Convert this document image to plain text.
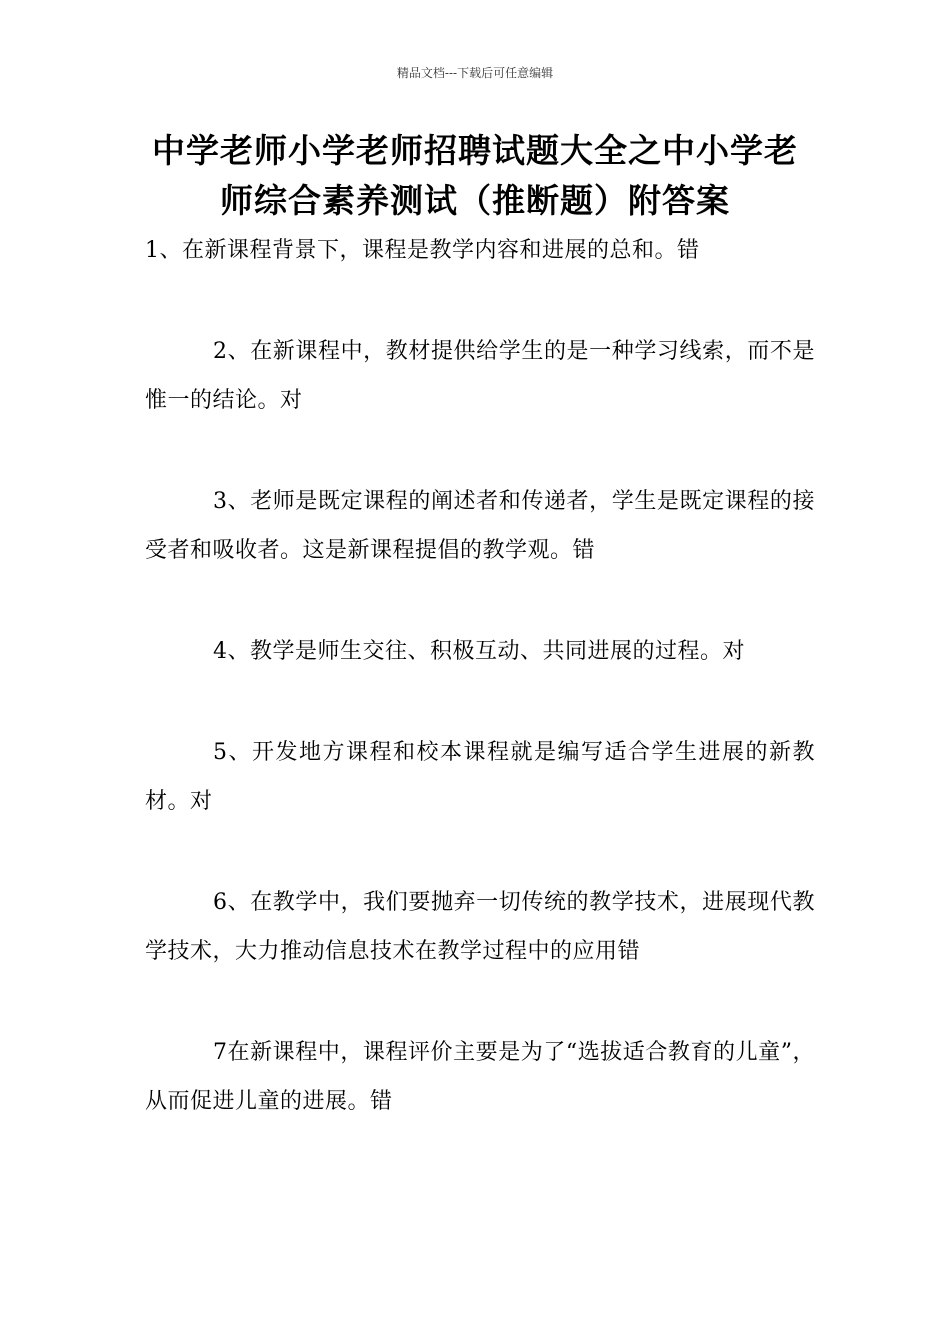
精品文档---下载后可任意编辑
中学老师小学老师招聘试题大全之中小学老师综合素养测试（推断题）附答案

1、在新课程背景下，课程是教学内容和进展的总和。错

2、在新课程中，教材提供给学生的是一种学习线索，而不是惟一的结论。对

3、老师是既定课程的阐述者和传递者，学生是既定课程的接受者和吸收者。这是新课程提倡的教学观。错

4、教学是师生交往、积极互动、共同进展的过程。对

5、开发地方课程和校本课程就是编写适合学生进展的新教材。对

6、在教学中，我们要抛弃一切传统的教学技术，进展现代教学技术，大力推动信息技术在教学过程中的应用错

7在新课程中，课程评价主要是为了“选拔适合教育的儿童”，从而促进儿童的进展。错
